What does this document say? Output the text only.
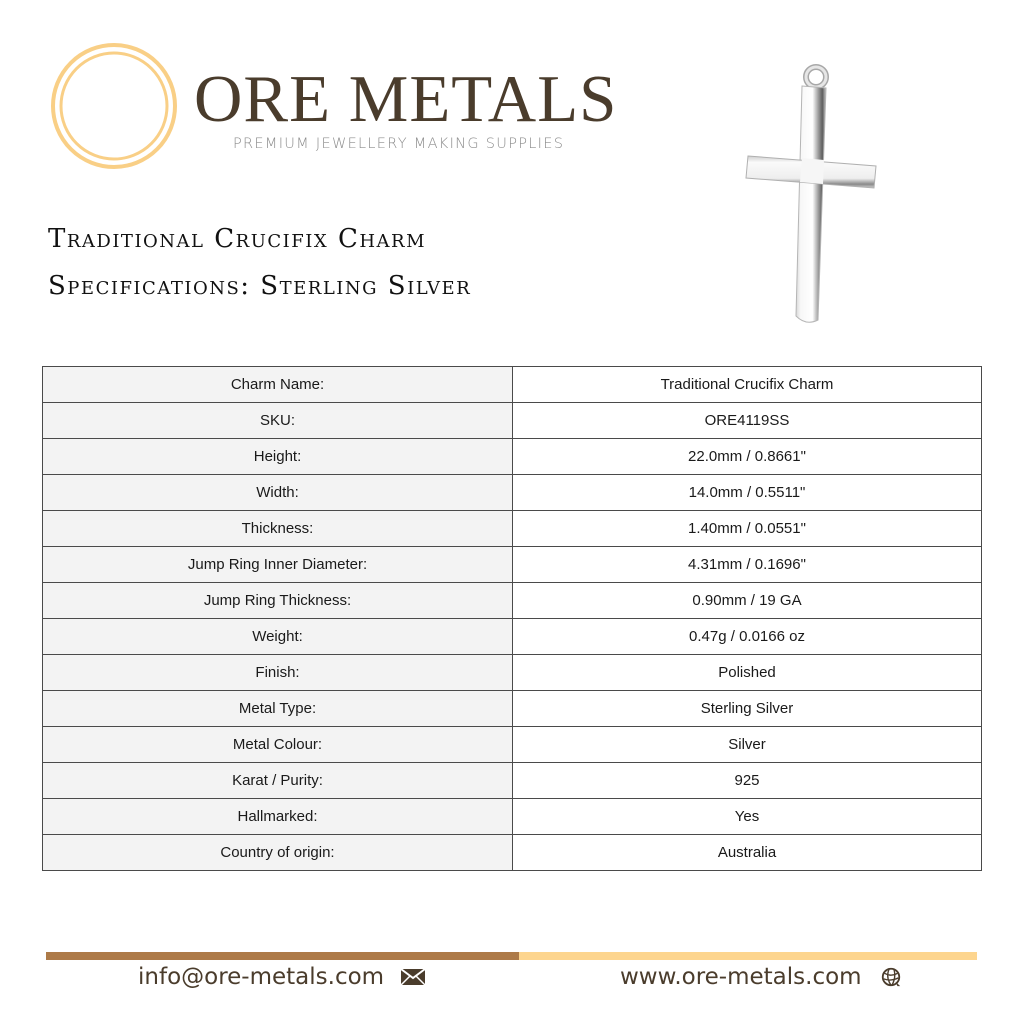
ORE METALS
PREMIUM JEWELLERY MAKING SUPPLIES
Traditional Crucifix Charm
Specifications: Sterling Silver
Charm Name:	Traditional Crucifix Charm
SKU:	ORE4119SS
Height:	22.0mm / 0.8661"
Width:	14.0mm / 0.5511"
Thickness:	1.40mm / 0.0551"
Jump Ring Inner Diameter:	4.31mm / 0.1696"
Jump Ring Thickness:	0.90mm / 19 GA
Weight:	0.47g / 0.0166 oz
Finish:	Polished
Metal Type:	Sterling Silver
Metal Colour:	Silver
Karat / Purity:	925
Hallmarked:	Yes
Country of origin:	Australia
info@ore-metals.com	www.ore-metals.com
